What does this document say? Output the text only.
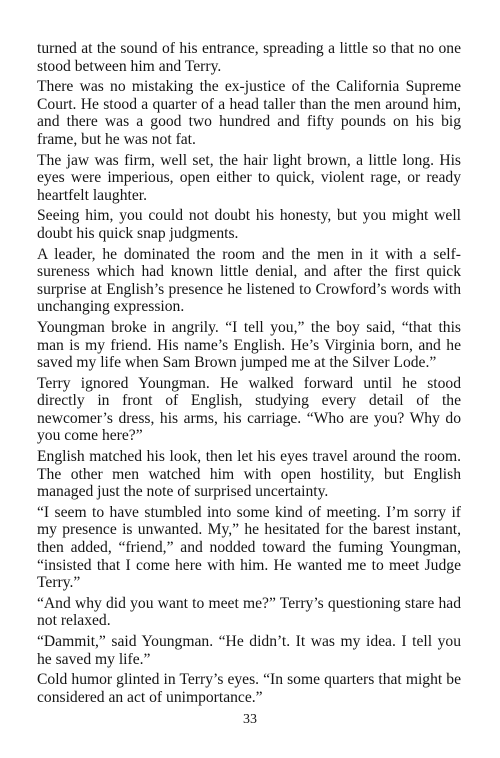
turned at the sound of his entrance, spreading a little so that no one stood between him and Terry.

There was no mistaking the ex-justice of the California Supreme Court. He stood a quarter of a head taller than the men around him, and there was a good two hundred and fifty pounds on his big frame, but he was not fat.

The jaw was firm, well set, the hair light brown, a little long. His eyes were imperious, open either to quick, violent rage, or ready heartfelt laughter.

Seeing him, you could not doubt his honesty, but you might well doubt his quick snap judgments.

A leader, he dominated the room and the men in it with a self-sureness which had known little denial, and after the first quick surprise at English’s presence he listened to Crowford’s words with unchanging expression.

Youngman broke in angrily. “I tell you,” the boy said, “that this man is my friend. His name’s English. He’s Virginia born, and he saved my life when Sam Brown jumped me at the Silver Lode.”

Terry ignored Youngman. He walked forward until he stood directly in front of English, studying every detail of the newcomer’s dress, his arms, his carriage. “Who are you? Why do you come here?”

English matched his look, then let his eyes travel around the room. The other men watched him with open hostility, but English managed just the note of surprised uncertainty.

“I seem to have stumbled into some kind of meeting. I’m sorry if my presence is unwanted. My,” he hesitated for the barest instant, then added, “friend,” and nodded toward the fuming Youngman, “insisted that I come here with him. He wanted me to meet Judge Terry.”

“And why did you want to meet me?” Terry’s questioning stare had not relaxed.

“Dammit,” said Youngman. “He didn’t. It was my idea. I tell you he saved my life.”

Cold humor glinted in Terry’s eyes. “In some quarters that might be considered an act of unimportance.”

33
